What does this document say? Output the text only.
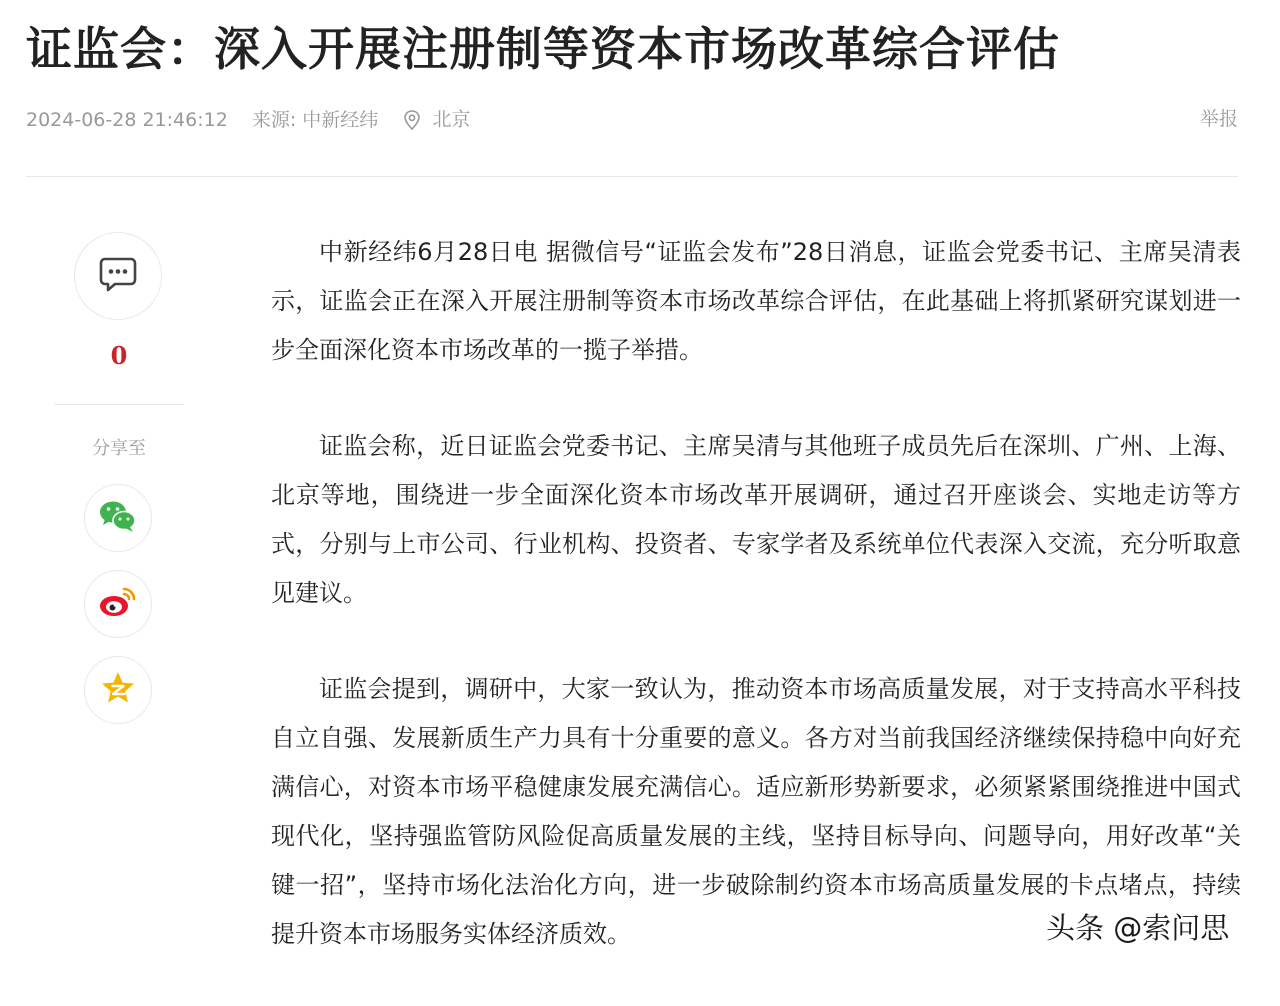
证监会：深入开展注册制等资本市场改革综合评估
2024-06-28 21:46:12 来源: 中新经纬	北京	举报
0
分享至

中新经纬6月28日电 据微信号“证监会发布”28日消息，证监会党委书记、主席吴清表示，证监会正在深入开展注册制等资本市场改革综合评估，在此基础上将抓紧研究谋划进一步全面深化资本市场改革的一揽子举措。

证监会称，近日证监会党委书记、主席吴清与其他班子成员先后在深圳、广州、上海、北京等地，围绕进一步全面深化资本市场改革开展调研，通过召开座谈会、实地走访等方式，分别与上市公司、行业机构、投资者、专家学者及系统单位代表深入交流，充分听取意见建议。

证监会提到，调研中，大家一致认为，推动资本市场高质量发展，对于支持高水平科技自立自强、发展新质生产力具有十分重要的意义。各方对当前我国经济继续保持稳中向好充满信心，对资本市场平稳健康发展充满信心。适应新形势新要求，必须紧紧围绕推进中国式现代化，坚持强监管防风险促高质量发展的主线，坚持目标导向、问题导向，用好改革“关键一招”，坚持市场化法治化方向，进一步破除制约资本市场高质量发展的卡点堵点，持续提升资本市场服务实体经济质效。	头条 @索问思
